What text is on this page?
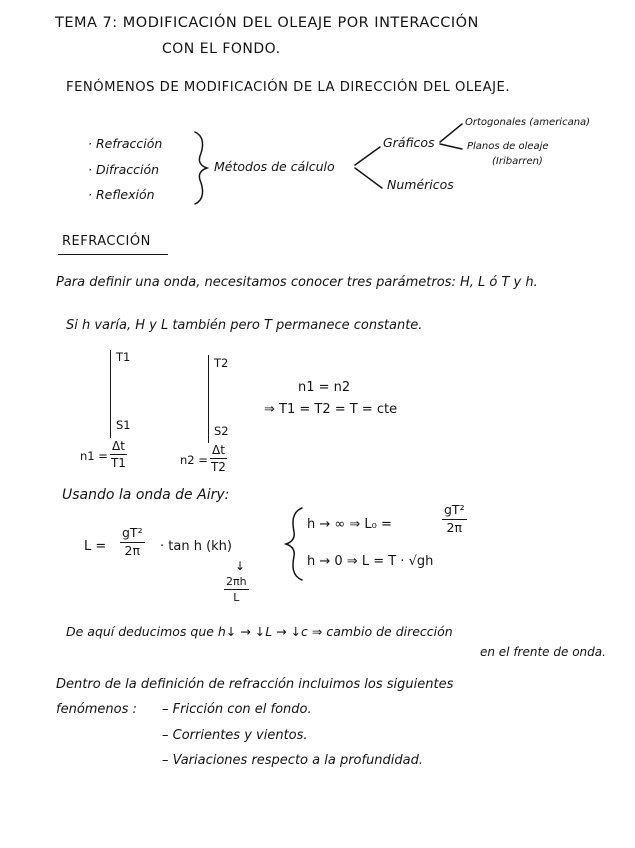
TEMA 7: MODIFICACIÓN DEL OLEAJE POR INTERACCIÓN
CON EL FONDO.
FENÓMENOS DE MODIFICACIÓN DE LA DIRECCIÓN DEL OLEAJE.
· Refracción
· Difracción
· Reflexión
Métodos de cálculo
Gráficos
Numéricos
Ortogonales (americana)
Planos de oleaje
(Iribarren)
REFRACCIÓN
Para definir una onda, necesitamos conocer tres parámetros: H, L ó T y h.
Si h varía, H y L también pero T permanece constante.
T1
S1
T2
S2
$n1 = \frac{\Delta t}{T1}$	$n2 = \frac{\Delta t}{T2}$
n1 = n2
⇒ T1 = T2 = T = cte
Usando la onda de Airy:
$L = \frac{\text{gT²}}{2\pi} \cdot \tan h$ (kh)
↓
$\frac{2\pi h}{L}$
h → ∞ ⇒ L₀ =	$\frac{\text{gT²}}{2\pi}$
h → 0 ⇒ L = T · √gh
De aquí deducimos que h↓ → ↓L → ↓c ⇒ cambio de dirección
en el frente de onda.
Dentro de la definición de refracción incluimos los siguientes
fenómenos : – Fricción con el fondo.
– Corrientes y vientos.
– Variaciones respecto a la profundidad.
